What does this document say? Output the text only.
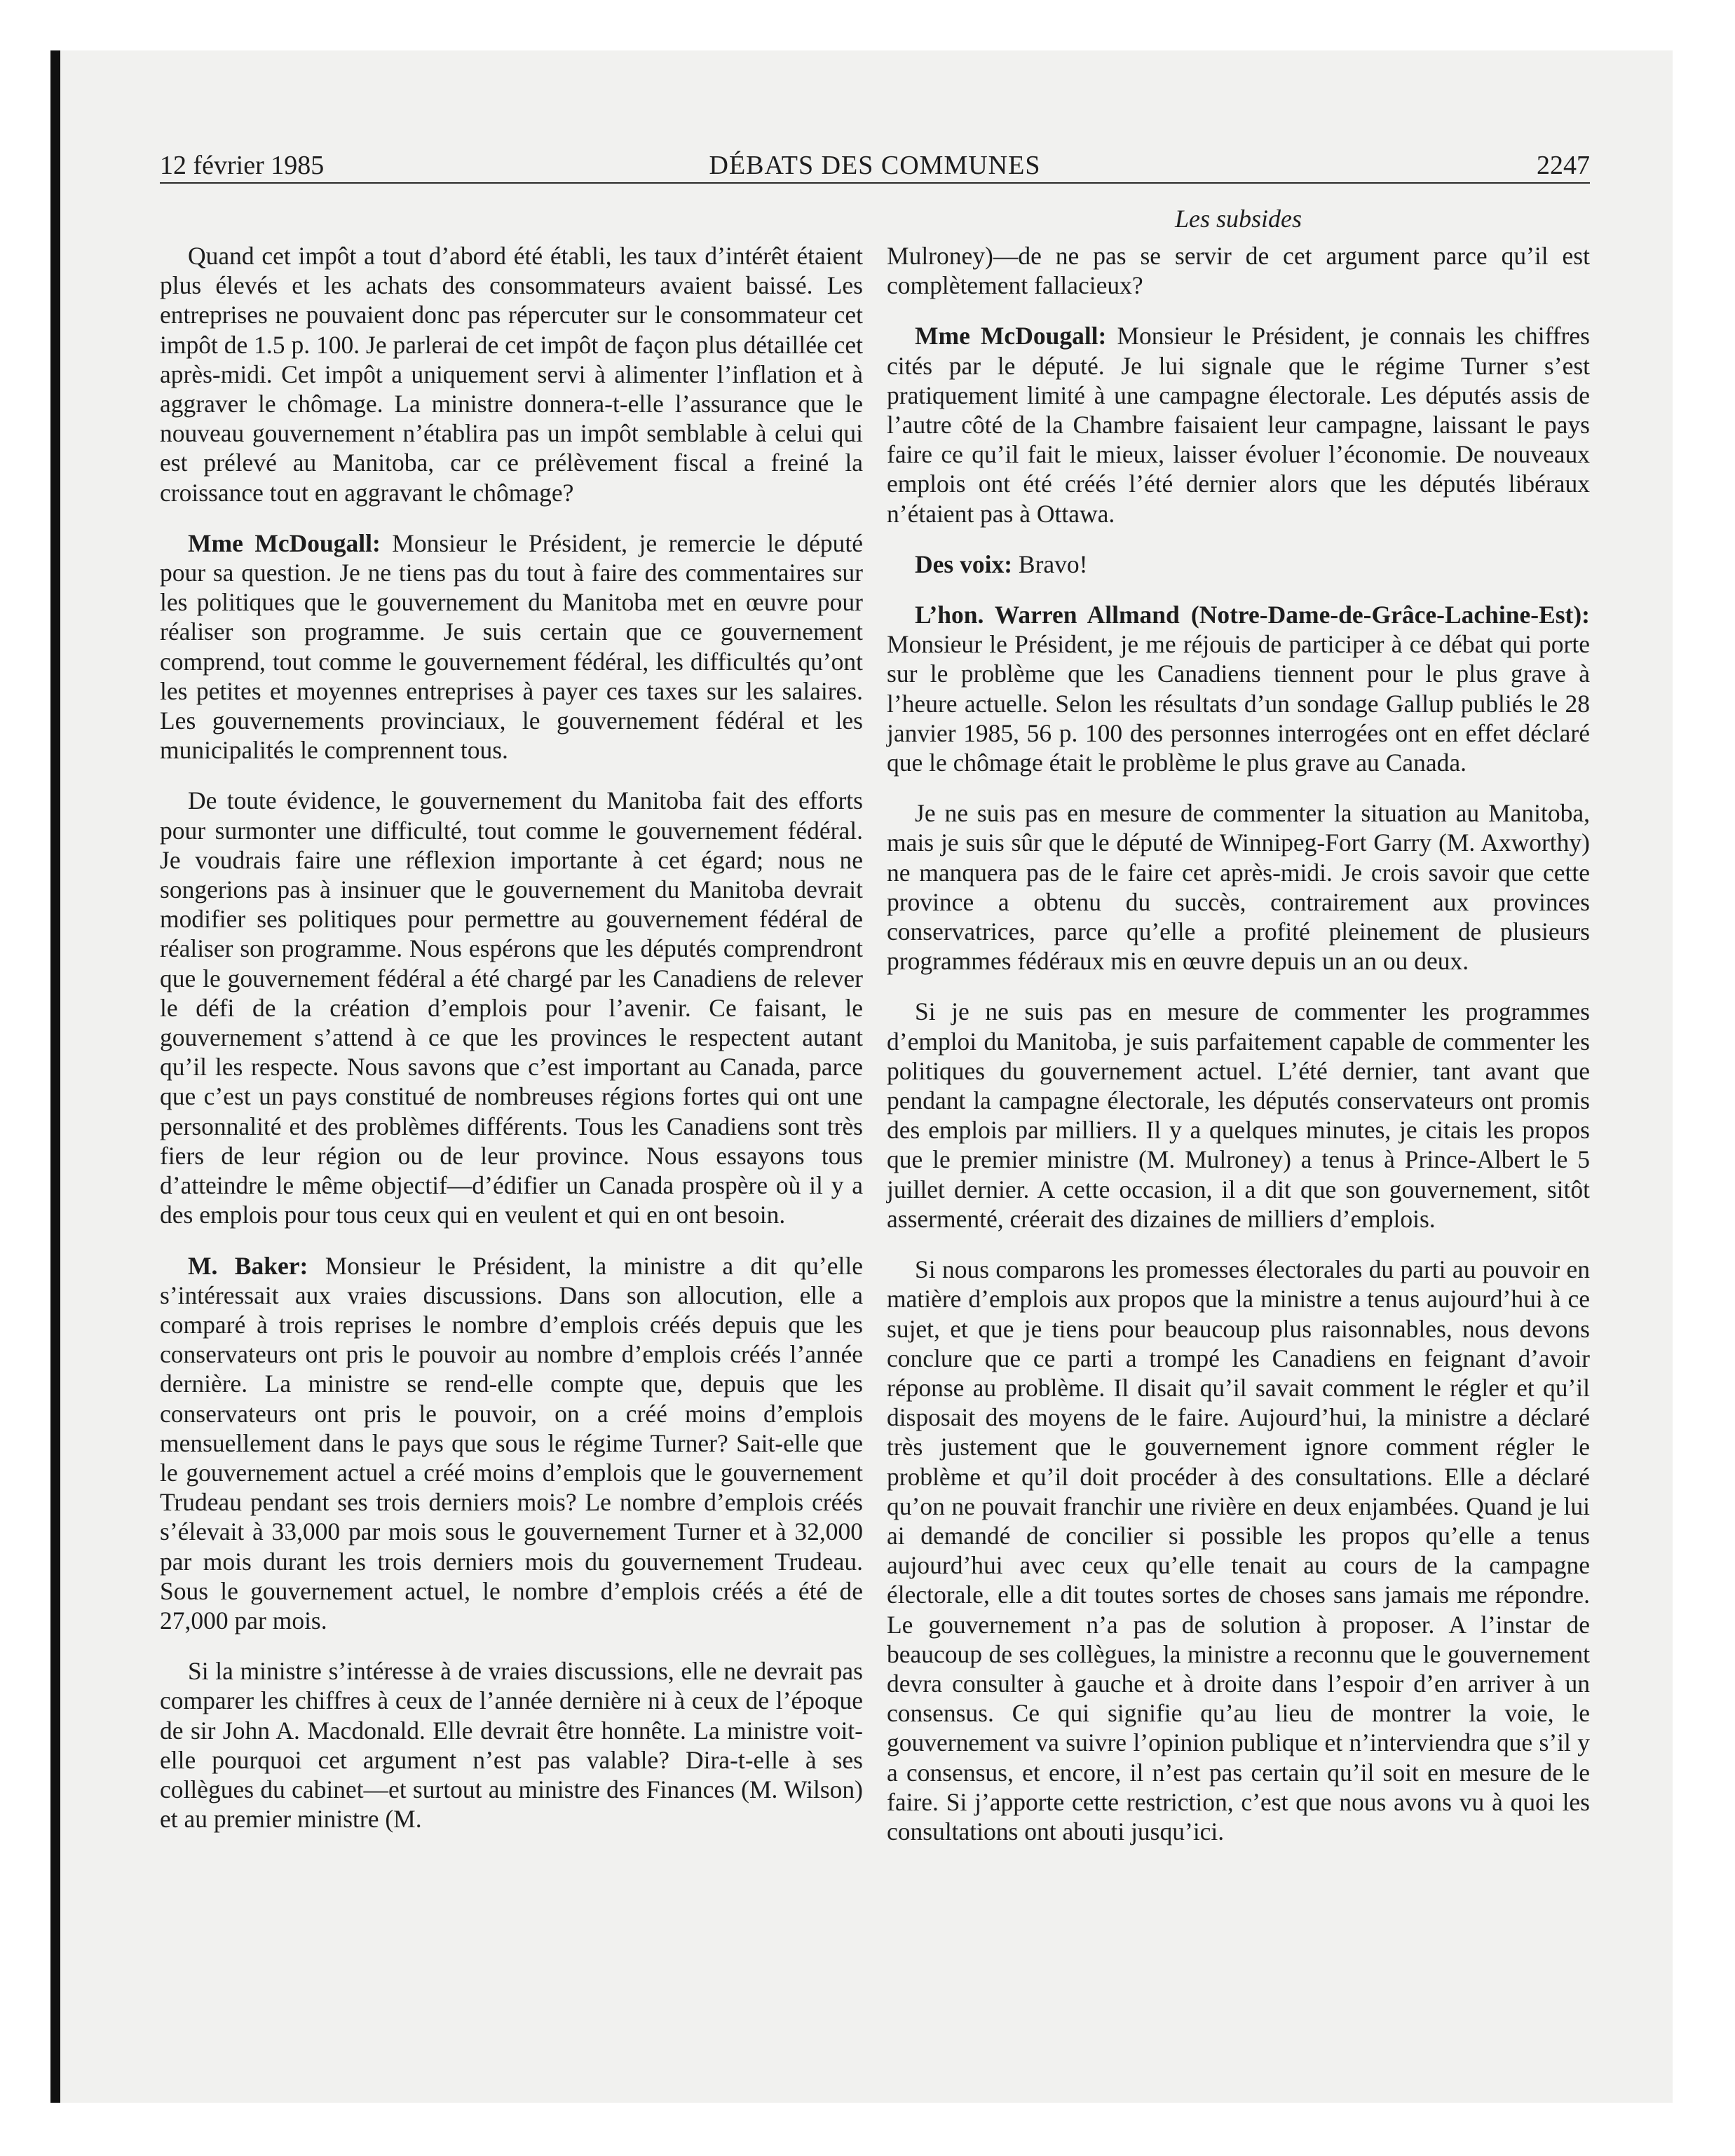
12 février 1985	DÉBATS DES COMMUNES	2247
Les subsides

Quand cet impôt a tout d’abord été établi, les taux d’intérêt étaient plus élevés et les achats des consommateurs avaient baissé. Les entreprises ne pouvaient donc pas répercuter sur le consommateur cet impôt de 1.5 p. 100. Je parlerai de cet impôt de façon plus détaillée cet après-midi. Cet impôt a uniquement servi à alimenter l’inflation et à aggraver le chômage. La ministre donnera-t-elle l’assurance que le nouveau gouvernement n’établira pas un impôt semblable à celui qui est prélevé au Manitoba, car ce prélèvement fiscal a freiné la croissance tout en aggravant le chômage?

Mme McDougall: Monsieur le Président, je remercie le député pour sa question. Je ne tiens pas du tout à faire des commentaires sur les politiques que le gouvernement du Manitoba met en œuvre pour réaliser son programme. Je suis certain que ce gouvernement comprend, tout comme le gouvernement fédéral, les difficultés qu’ont les petites et moyennes entreprises à payer ces taxes sur les salaires. Les gouvernements provinciaux, le gouvernement fédéral et les municipalités le comprennent tous.

De toute évidence, le gouvernement du Manitoba fait des efforts pour surmonter une difficulté, tout comme le gouvernement fédéral. Je voudrais faire une réflexion importante à cet égard; nous ne songerions pas à insinuer que le gouvernement du Manitoba devrait modifier ses politiques pour permettre au gouvernement fédéral de réaliser son programme. Nous espérons que les députés comprendront que le gouvernement fédéral a été chargé par les Canadiens de relever le défi de la création d’emplois pour l’avenir. Ce faisant, le gouvernement s’attend à ce que les provinces le respectent autant qu’il les respecte. Nous savons que c’est important au Canada, parce que c’est un pays constitué de nombreuses régions fortes qui ont une personnalité et des problèmes différents. Tous les Canadiens sont très fiers de leur région ou de leur province. Nous essayons tous d’atteindre le même objectif—d’édifier un Canada prospère où il y a des emplois pour tous ceux qui en veulent et qui en ont besoin.

M. Baker: Monsieur le Président, la ministre a dit qu’elle s’intéressait aux vraies discussions. Dans son allocution, elle a comparé à trois reprises le nombre d’emplois créés depuis que les conservateurs ont pris le pouvoir au nombre d’emplois créés l’année dernière. La ministre se rend-elle compte que, depuis que les conservateurs ont pris le pouvoir, on a créé moins d’emplois mensuellement dans le pays que sous le régime Turner? Sait-elle que le gouvernement actuel a créé moins d’emplois que le gouvernement Trudeau pendant ses trois derniers mois? Le nombre d’emplois créés s’élevait à 33,000 par mois sous le gouvernement Turner et à 32,000 par mois durant les trois derniers mois du gouvernement Trudeau. Sous le gouvernement actuel, le nombre d’emplois créés a été de 27,000 par mois.

Si la ministre s’intéresse à de vraies discussions, elle ne devrait pas comparer les chiffres à ceux de l’année dernière ni à ceux de l’époque de sir John A. Macdonald. Elle devrait être honnête. La ministre voit-elle pourquoi cet argument n’est pas valable? Dira-t-elle à ses collègues du cabinet—et surtout au ministre des Finances (M. Wilson) et au premier ministre (M.

Mulroney)—de ne pas se servir de cet argument parce qu’il est complètement fallacieux?

Mme McDougall: Monsieur le Président, je connais les chiffres cités par le député. Je lui signale que le régime Turner s’est pratiquement limité à une campagne électorale. Les députés assis de l’autre côté de la Chambre faisaient leur campagne, laissant le pays faire ce qu’il fait le mieux, laisser évoluer l’économie. De nouveaux emplois ont été créés l’été dernier alors que les députés libéraux n’étaient pas à Ottawa.

Des voix: Bravo!

L’hon. Warren Allmand (Notre-Dame-de-Grâce-Lachine-Est): Monsieur le Président, je me réjouis de participer à ce débat qui porte sur le problème que les Canadiens tiennent pour le plus grave à l’heure actuelle. Selon les résultats d’un sondage Gallup publiés le 28 janvier 1985, 56 p. 100 des personnes interrogées ont en effet déclaré que le chômage était le problème le plus grave au Canada.

Je ne suis pas en mesure de commenter la situation au Manitoba, mais je suis sûr que le député de Winnipeg-Fort Garry (M. Axworthy) ne manquera pas de le faire cet après-midi. Je crois savoir que cette province a obtenu du succès, contrairement aux provinces conservatrices, parce qu’elle a profité pleinement de plusieurs programmes fédéraux mis en œuvre depuis un an ou deux.

Si je ne suis pas en mesure de commenter les programmes d’emploi du Manitoba, je suis parfaitement capable de commenter les politiques du gouvernement actuel. L’été dernier, tant avant que pendant la campagne électorale, les députés conservateurs ont promis des emplois par milliers. Il y a quelques minutes, je citais les propos que le premier ministre (M. Mulroney) a tenus à Prince-Albert le 5 juillet dernier. A cette occasion, il a dit que son gouvernement, sitôt assermenté, créerait des dizaines de milliers d’emplois.

Si nous comparons les promesses électorales du parti au pouvoir en matière d’emplois aux propos que la ministre a tenus aujourd’hui à ce sujet, et que je tiens pour beaucoup plus raisonnables, nous devons conclure que ce parti a trompé les Canadiens en feignant d’avoir réponse au problème. Il disait qu’il savait comment le régler et qu’il disposait des moyens de le faire. Aujourd’hui, la ministre a déclaré très justement que le gouvernement ignore comment régler le problème et qu’il doit procéder à des consultations. Elle a déclaré qu’on ne pouvait franchir une rivière en deux enjambées. Quand je lui ai demandé de concilier si possible les propos qu’elle a tenus aujourd’hui avec ceux qu’elle tenait au cours de la campagne électorale, elle a dit toutes sortes de choses sans jamais me répondre. Le gouvernement n’a pas de solution à proposer. A l’instar de beaucoup de ses collègues, la ministre a reconnu que le gouvernement devra consulter à gauche et à droite dans l’espoir d’en arriver à un consensus. Ce qui signifie qu’au lieu de montrer la voie, le gouvernement va suivre l’opinion publique et n’interviendra que s’il y a consensus, et encore, il n’est pas certain qu’il soit en mesure de le faire. Si j’apporte cette restriction, c’est que nous avons vu à quoi les consultations ont abouti jusqu’ici.
